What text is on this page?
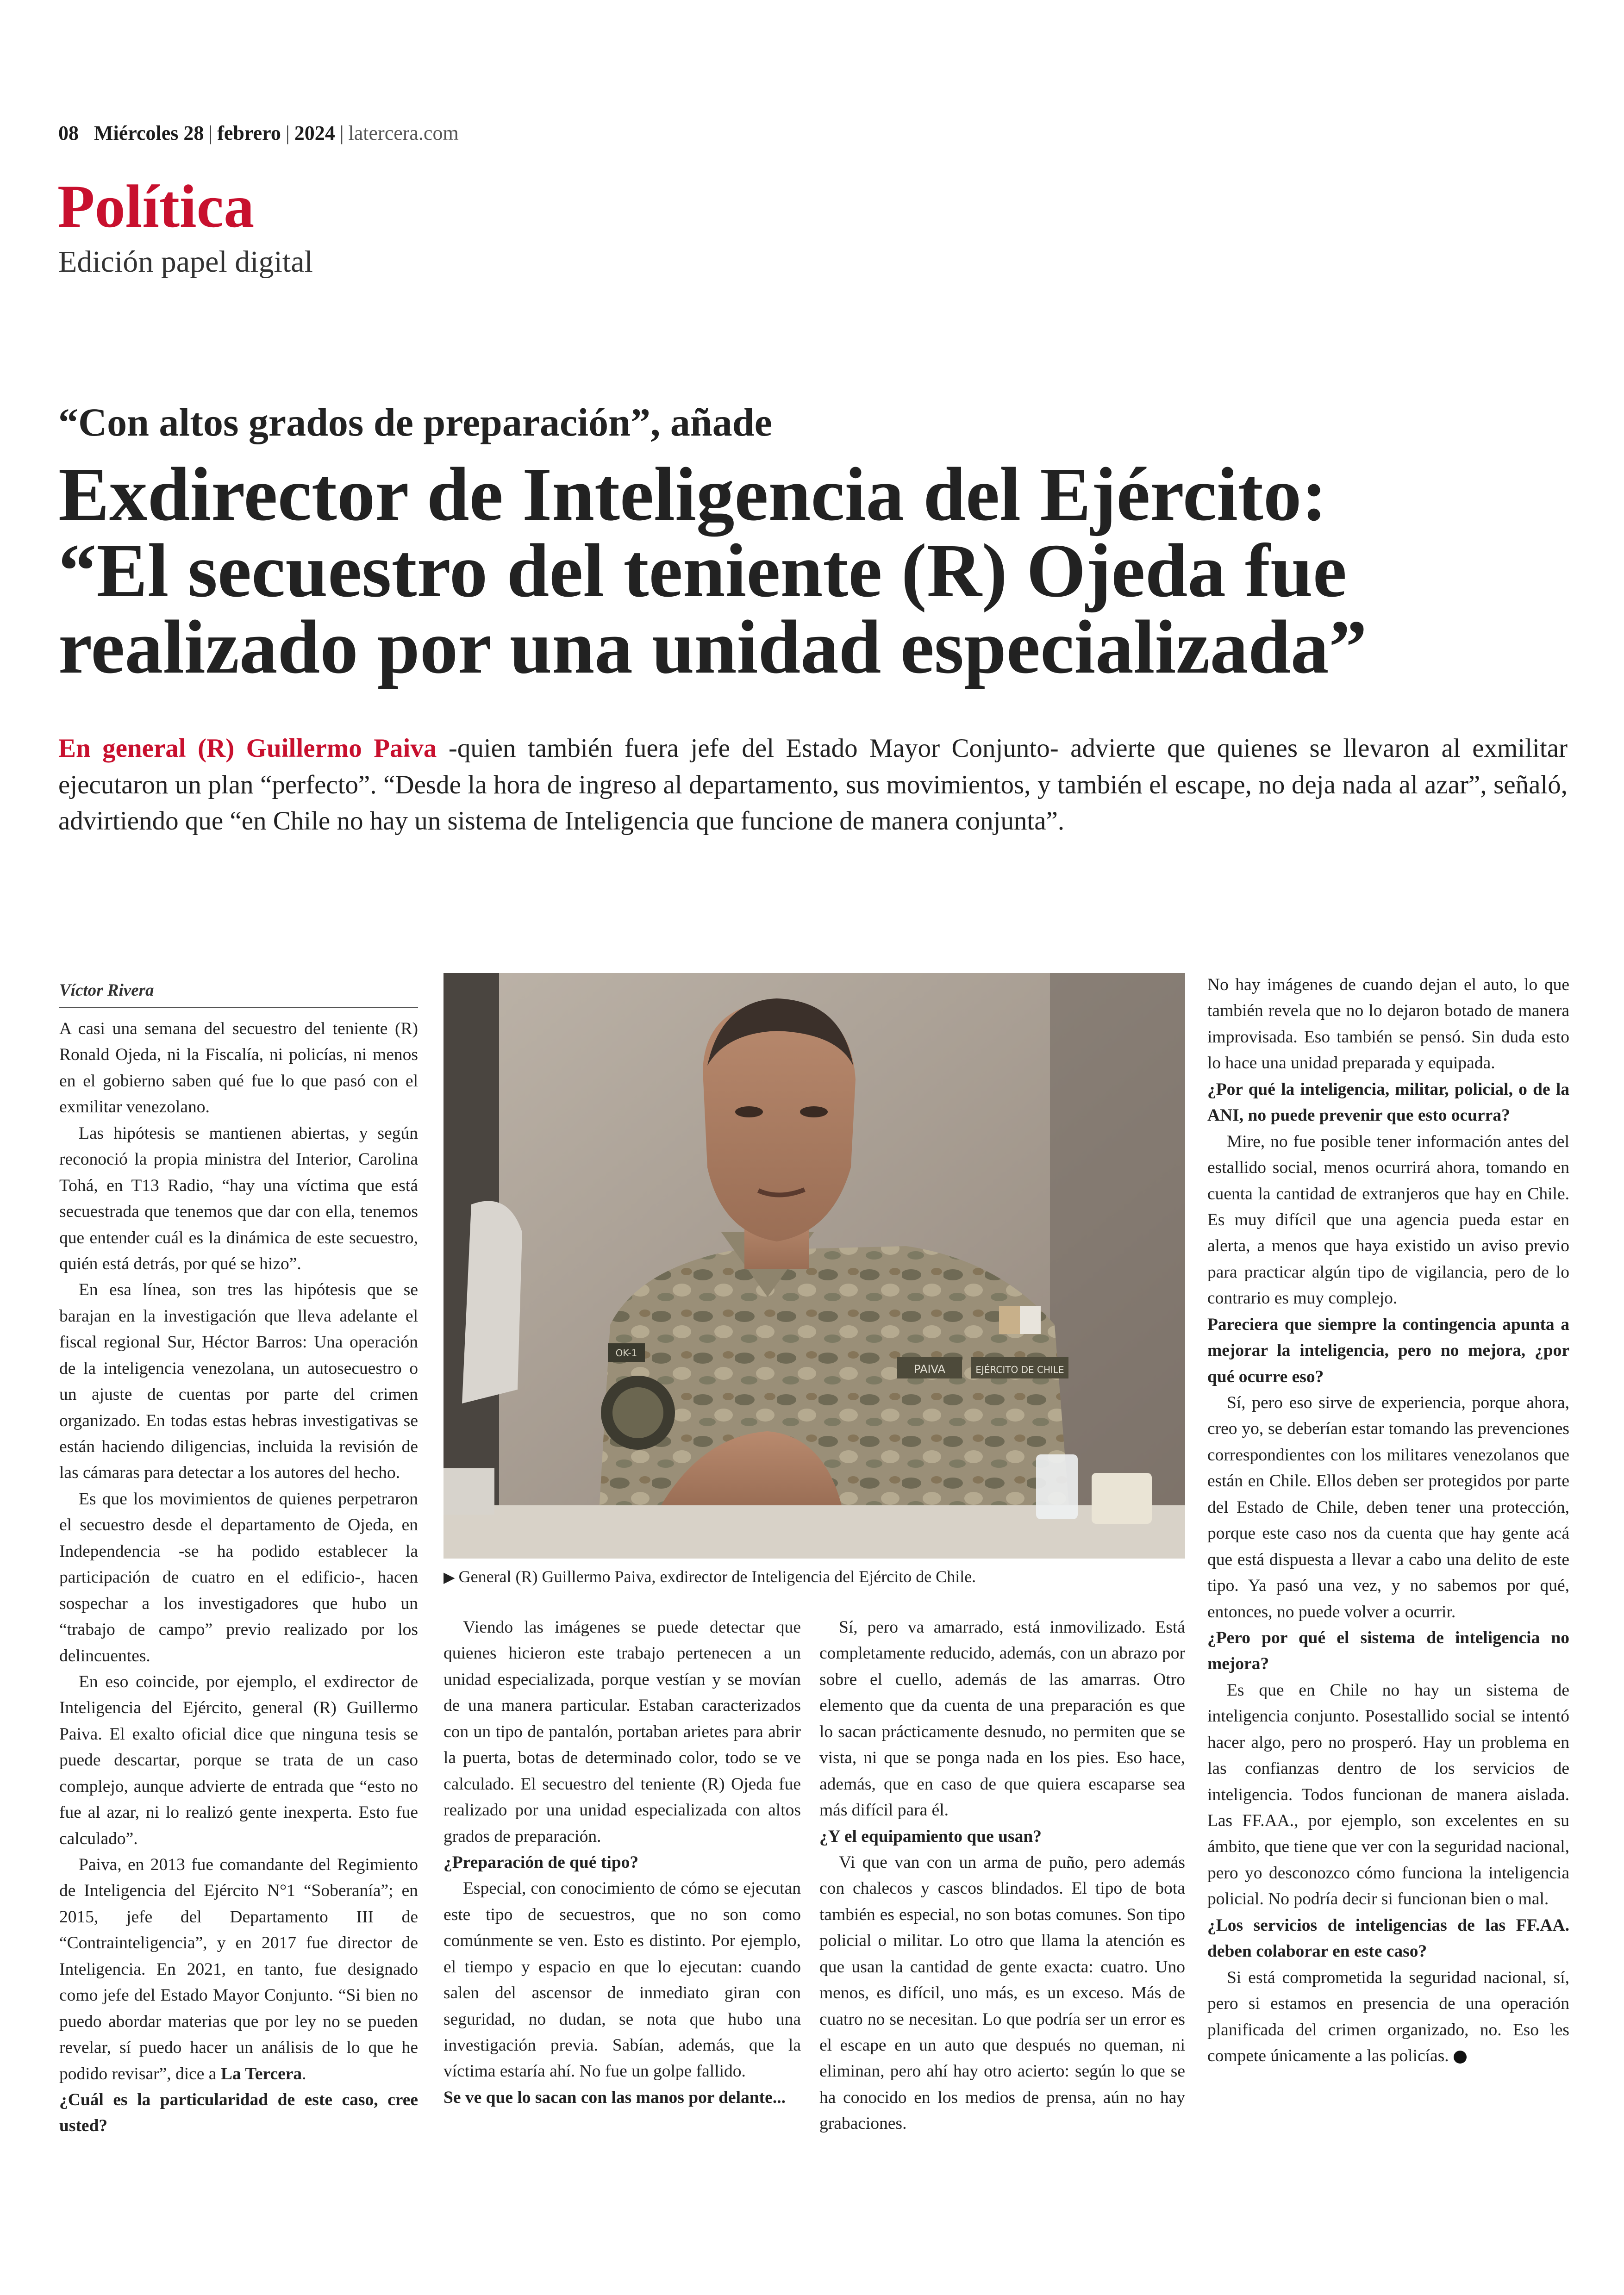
08 Miércoles 28 | febrero | 2024 | latercera.com
Política
Edición papel digital
“Con altos grados de preparación”, añade
Exdirector de Inteligencia del Ejército:
“El secuestro del teniente (R) Ojeda fue
realizado por una unidad especializada”
En general (R) Guillermo Paiva -quien también fuera jefe del Estado Mayor Conjunto- advierte que quienes se llevaron al exmilitar ejecutaron un plan “perfecto”. “Desde la hora de ingreso al departamento, sus movimientos, y también el escape, no deja nada al azar”, señaló, advirtiendo que “en Chile no hay un sistema de Inteligencia que funcione de manera conjunta”.
Víctor Rivera

A casi una semana del secuestro del teniente (R) Ronald Ojeda, ni la Fiscalía, ni policías, ni menos en el gobierno saben qué fue lo que pasó con el exmilitar venezolano.

Las hipótesis se mantienen abiertas, y según reconoció la propia ministra del Interior, Carolina Tohá, en T13 Radio, “hay una víctima que está secuestrada que tenemos que dar con ella, tenemos que entender cuál es la dinámica de este secuestro, quién está detrás, por qué se hizo”.

En esa línea, son tres las hipótesis que se barajan en la investigación que lleva adelante el fiscal regional Sur, Héctor Barros: Una operación de la inteligencia venezolana, un autosecuestro o un ajuste de cuentas por parte del crimen organizado. En todas estas hebras investigativas se están haciendo diligencias, incluida la revisión de las cámaras para detectar a los autores del hecho.

Es que los movimientos de quienes perpetraron el secuestro desde el departamento de Ojeda, en Independencia -se ha podido establecer la participación de cuatro en el edificio-, hacen sospechar a los investigadores que hubo un “trabajo de campo” previo realizado por los delincuentes.

En eso coincide, por ejemplo, el exdirector de Inteligencia del Ejército, general (R) Guillermo Paiva. El exalto oficial dice que ninguna tesis se puede descartar, porque se trata de un caso complejo, aunque advierte de entrada que “esto no fue al azar, ni lo realizó gente inexperta. Esto fue calculado”.

Paiva, en 2013 fue comandante del Regimiento de Inteligencia del Ejército N°1 “Soberanía”; en 2015, jefe del Departamento III de “Contrainteligencia”, y en 2017 fue director de Inteligencia. En 2021, en tanto, fue designado como jefe del Estado Mayor Conjunto. “Si bien no puedo abordar materias que por ley no se pueden revelar, sí puedo hacer un análisis de lo que he podido revisar”, dice a La Tercera.

¿Cuál es la particularidad de este caso, cree usted?

PAIVA	EJÉRCITO DE CHILE
OK-1
▶ General (R) Guillermo Paiva, exdirector de Inteligencia del Ejército de Chile.

Viendo las imágenes se puede detectar que quienes hicieron este trabajo pertenecen a un unidad especializada, porque vestían y se movían de una manera particular. Estaban caracterizados con un tipo de pantalón, portaban arietes para abrir la puerta, botas de determinado color, todo se ve calculado. El secuestro del teniente (R) Ojeda fue realizado por una unidad especializada con altos grados de preparación.

¿Preparación de qué tipo?

Especial, con conocimiento de cómo se ejecutan este tipo de secuestros, que no son como comúnmente se ven. Esto es distinto. Por ejemplo, el tiempo y espacio en que lo ejecutan: cuando salen del ascensor de inmediato giran con seguridad, no dudan, se nota que hubo una investigación previa. Sabían, además, que la víctima estaría ahí. No fue un golpe fallido.

Se ve que lo sacan con las manos por delante...

Sí, pero va amarrado, está inmovilizado. Está completamente reducido, además, con un abrazo por sobre el cuello, además de las amarras. Otro elemento que da cuenta de una preparación es que lo sacan prácticamente desnudo, no permiten que se vista, ni que se ponga nada en los pies. Eso hace, además, que en caso de que quiera escaparse sea más difícil para él.

¿Y el equipamiento que usan?

Vi que van con un arma de puño, pero además con chalecos y cascos blindados. El tipo de bota también es especial, no son botas comunes. Son tipo policial o militar. Lo otro que llama la atención es que usan la cantidad de gente exacta: cuatro. Uno menos, es difícil, uno más, es un exceso. Más de cuatro no se necesitan. Lo que podría ser un error es el escape en un auto que después no queman, ni eliminan, pero ahí hay otro acierto: según lo que se ha conocido en los medios de prensa, aún no hay grabaciones.

No hay imágenes de cuando dejan el auto, lo que también revela que no lo dejaron botado de manera improvisada. Eso también se pensó. Sin duda esto lo hace una unidad preparada y equipada.

¿Por qué la inteligencia, militar, policial, o de la ANI, no puede prevenir que esto ocurra?

Mire, no fue posible tener información antes del estallido social, menos ocurrirá ahora, tomando en cuenta la cantidad de extranjeros que hay en Chile. Es muy difícil que una agencia pueda estar en alerta, a menos que haya existido un aviso previo para practicar algún tipo de vigilancia, pero de lo contrario es muy complejo.

Pareciera que siempre la contingencia apunta a mejorar la inteligencia, pero no mejora, ¿por qué ocurre eso?

Sí, pero eso sirve de experiencia, porque ahora, creo yo, se deberían estar tomando las prevenciones correspondientes con los militares venezolanos que están en Chile. Ellos deben ser protegidos por parte del Estado de Chile, deben tener una protección, porque este caso nos da cuenta que hay gente acá que está dispuesta a llevar a cabo una delito de este tipo. Ya pasó una vez, y no sabemos por qué, entonces, no puede volver a ocurrir.

¿Pero por qué el sistema de inteligencia no mejora?

Es que en Chile no hay un sistema de inteligencia conjunto. Posestallido social se intentó hacer algo, pero no prosperó. Hay un problema en las confianzas dentro de los servicios de inteligencia. Todos funcionan de manera aislada. Las FF.AA., por ejemplo, son excelentes en su ámbito, que tiene que ver con la seguridad nacional, pero yo desconozco cómo funciona la inteligencia policial. No podría decir si funcionan bien o mal.

¿Los servicios de inteligencias de las FF.AA. deben colaborar en este caso?

Si está comprometida la seguridad nacional, sí, pero si estamos en presencia de una operación planificada del crimen organizado, no. Eso les compete únicamente a las policías.
